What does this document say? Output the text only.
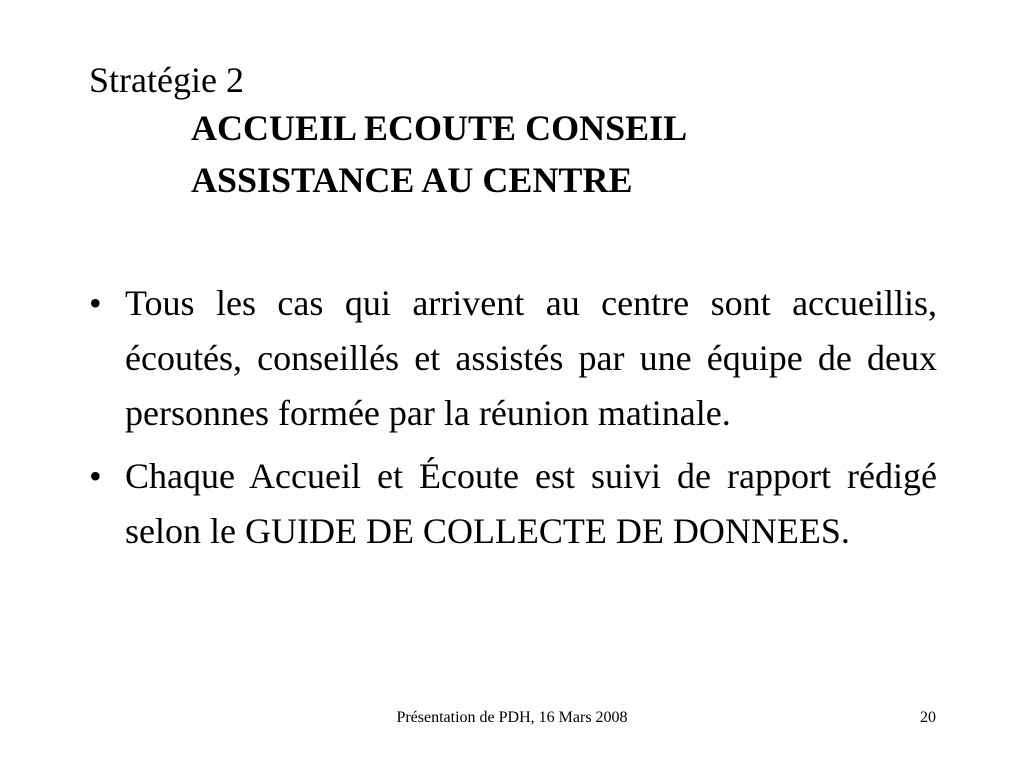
Stratégie 2
ACCUEIL ECOUTE CONSEIL
ASSISTANCE AU CENTRE

• Tous les cas qui arrivent au centre sont accueillis, écoutés, conseillés et assistés par une équipe de deux personnes formée par la réunion matinale.

• Chaque Accueil et Écoute est suivi de rapport rédigé selon le GUIDE DE COLLECTE DE DONNEES.

Présentation de PDH, 16 Mars 2008	20
